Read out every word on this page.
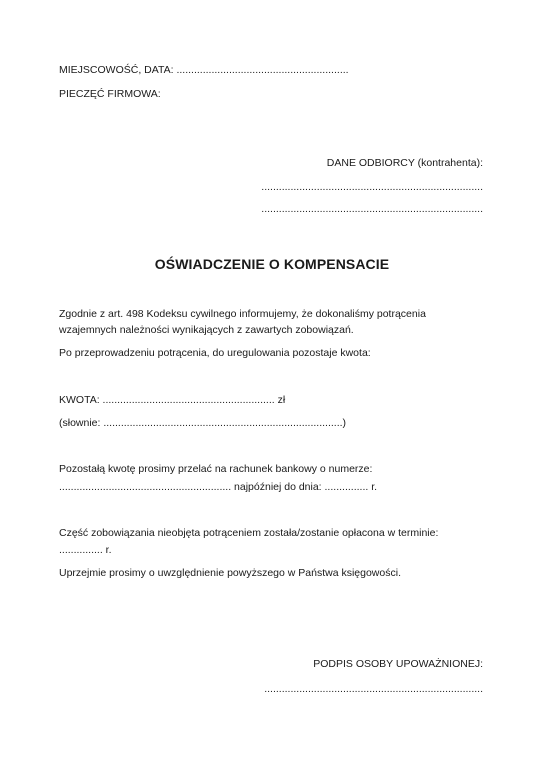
MIEJSCOWOŚĆ, DATA: ...........................................................
PIECZĘĆ FIRMOWA:
DANE ODBIORCY (kontrahenta):
............................................................................
............................................................................
OŚWIADCZENIE O KOMPENSACIE
Zgodnie z art. 498 Kodeksu cywilnego informujemy, że dokonaliśmy potrącenia wzajemnych należności wynikających z zawartych zobowiązań.
Po przeprowadzeniu potrącenia, do uregulowania pozostaje kwota:
KWOTA: ........................................................... zł
(słownie: ..................................................................................)
Pozostałą kwotę prosimy przelać na rachunek bankowy o numerze:
........................................................... najpóźniej do dnia: ............... r.
Część zobowiązania nieobjęta potrąceniem została/zostanie opłacona w terminie:
............... r.
Uprzejmie prosimy o uwzględnienie powyższego w Państwa księgowości.
PODPIS OSOBY UPOWAŻNIONEJ:
...........................................................................
